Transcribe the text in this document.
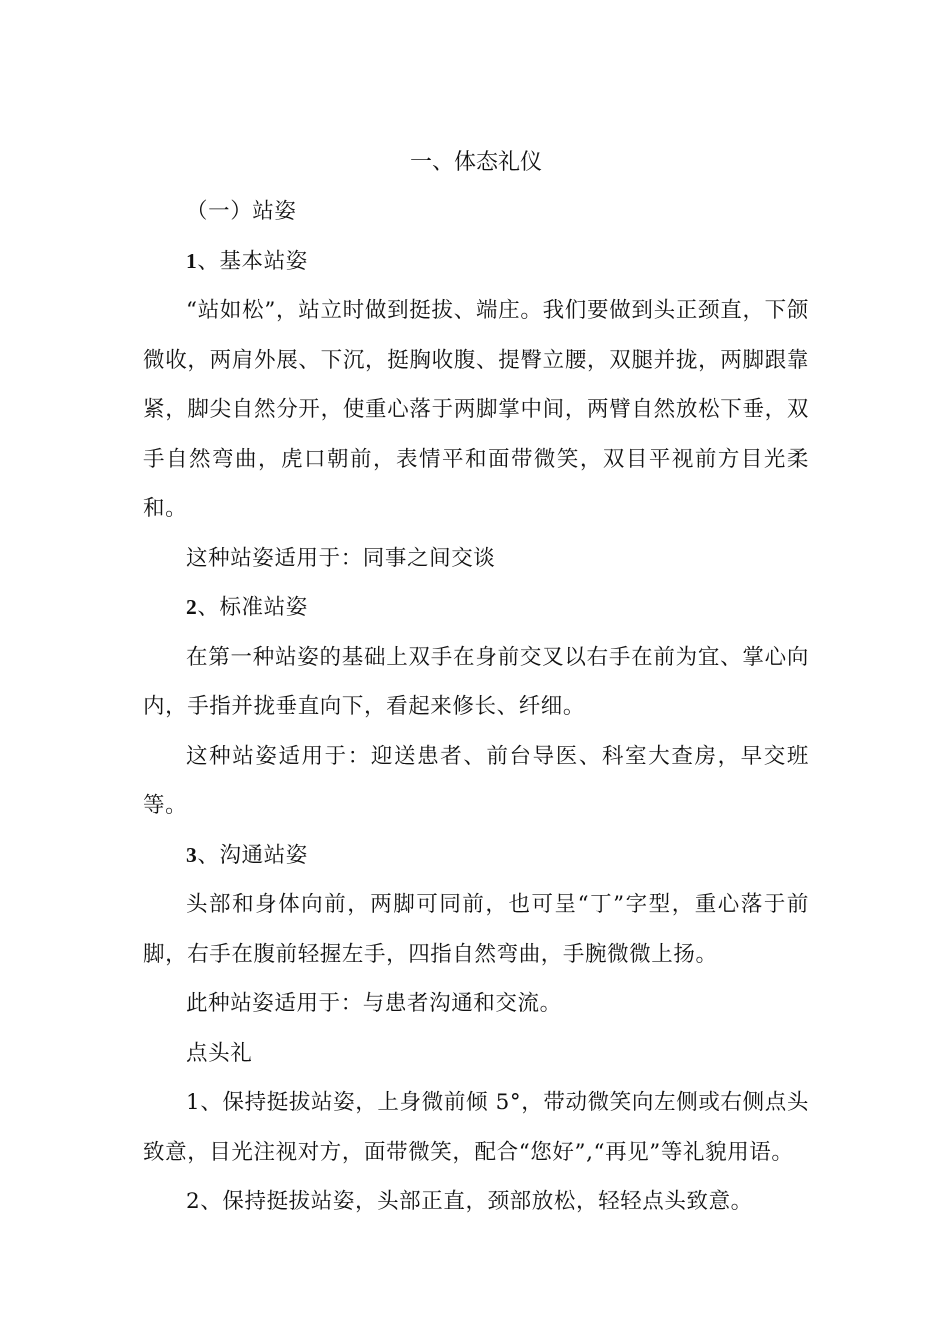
一、体态礼仪

（一）站姿

1、基本站姿

“站如松”，站立时做到挺拔、端庄。我们要做到头正颈直，下颌微收，两肩外展、下沉，挺胸收腹、提臀立腰，双腿并拢，两脚跟靠紧，脚尖自然分开，使重心落于两脚掌中间，两臂自然放松下垂，双手自然弯曲，虎口朝前，表情平和面带微笑，双目平视前方目光柔和。

这种站姿适用于：同事之间交谈

2、标准站姿

在第一种站姿的基础上双手在身前交叉以右手在前为宜、掌心向内，手指并拢垂直向下，看起来修长、纤细。

这种站姿适用于：迎送患者、前台导医、科室大查房，早交班等。

3、沟通站姿

头部和身体向前，两脚可同前，也可呈“丁”字型，重心落于前脚，右手在腹前轻握左手，四指自然弯曲，手腕微微上扬。

此种站姿适用于：与患者沟通和交流。

点头礼

1、保持挺拔站姿，上身微前倾 5°，带动微笑向左侧或右侧点头致意，目光注视对方，面带微笑，配合“您好”,“再见”等礼貌用语。

2、保持挺拔站姿，头部正直，颈部放松，轻轻点头致意。
